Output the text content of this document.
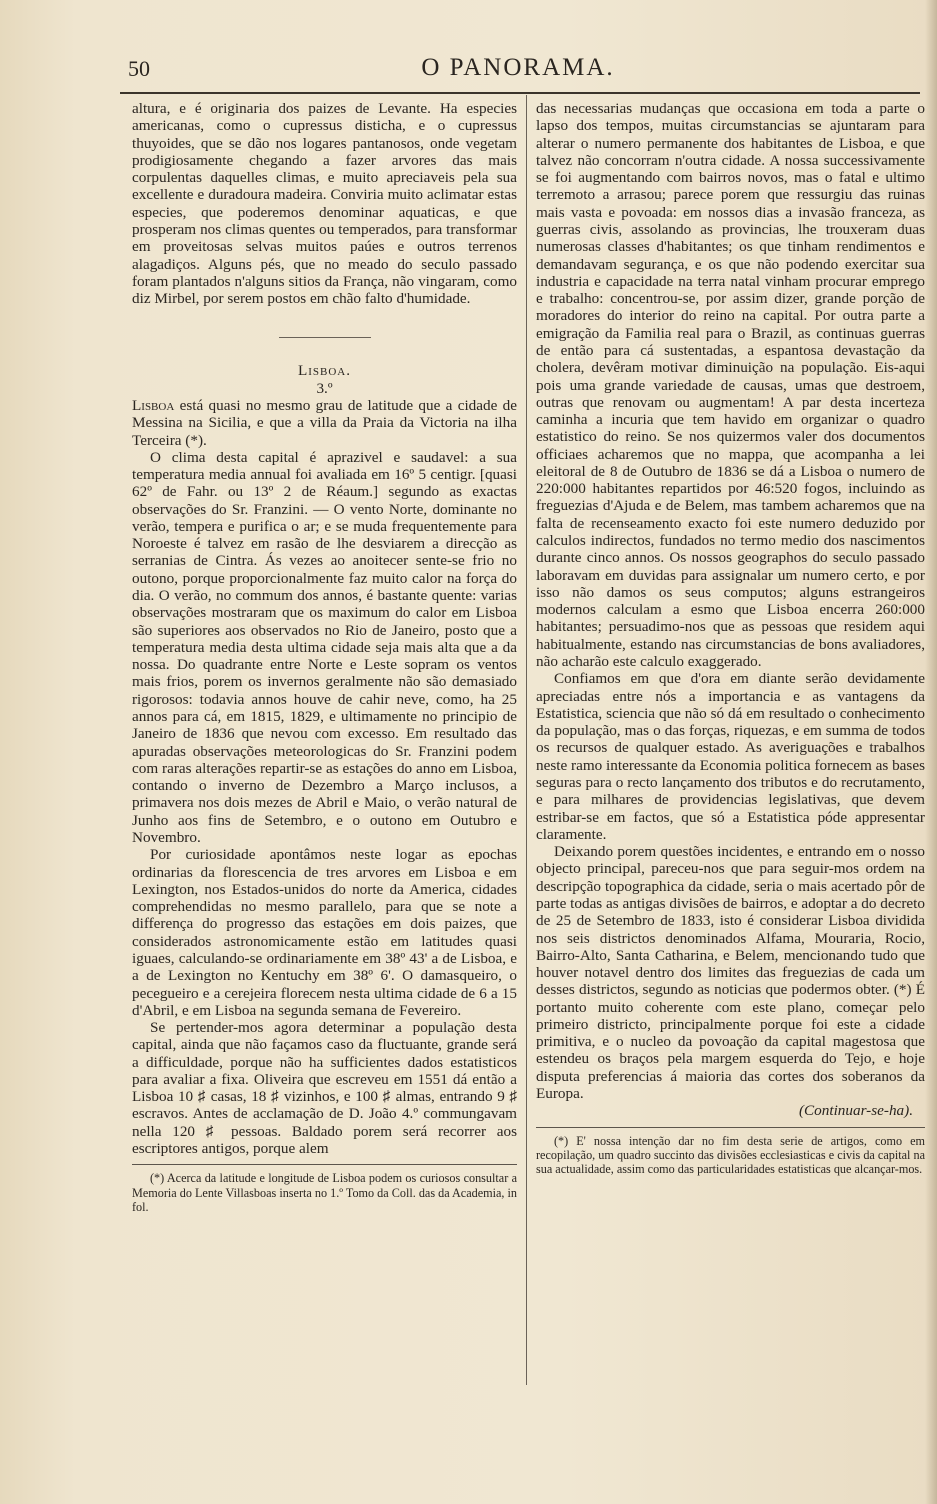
50	O PANORAMA.

altura, e é originaria dos paizes de Levante. Ha especies americanas, como o cupressus disticha, e o cupressus thuyoides, que se dão nos logares pantanosos, onde vegetam prodigiosamente chegando a fazer arvores das mais corpulentas daquelles climas, e muito apreciaveis pela sua excellente e duradoura madeira. Conviria muito aclimatar estas especies, que poderemos denominar aquaticas, e que prosperam nos climas quentes ou temperados, para transformar em proveitosas selvas muitos paúes e outros terrenos alagadiços. Alguns pés, que no meado do seculo passado foram plantados n'alguns sitios da França, não vingaram, como diz Mirbel, por serem postos em chão falto d'humidade.

Lisboa.

3.º

Lisboa está quasi no mesmo grau de latitude que a cidade de Messina na Sicilia, e que a villa da Praia da Victoria na ilha Terceira (*).

O clima desta capital é aprazivel e saudavel: a sua temperatura media annual foi avaliada em 16º 5 centigr. [quasi 62º de Fahr. ou 13º 2 de Réaum.] segundo as exactas observações do Sr. Franzini. — O vento Norte, dominante no verão, tempera e purifica o ar; e se muda frequentemente para Noroeste é talvez em rasão de lhe desviarem a direcção as serranias de Cintra. Ás vezes ao anoitecer sente-se frio no outono, porque proporcionalmente faz muito calor na força do dia. O verão, no commum dos annos, é bastante quente: varias observações mostraram que os maximum do calor em Lisboa são superiores aos observados no Rio de Janeiro, posto que a temperatura media desta ultima cidade seja mais alta que a da nossa. Do quadrante entre Norte e Leste sopram os ventos mais frios, porem os invernos geralmente não são demasiado rigorosos: todavia annos houve de cahir neve, como, ha 25 annos para cá, em 1815, 1829, e ultimamente no principio de Janeiro de 1836 que nevou com excesso. Em resultado das apuradas observações meteorologicas do Sr. Franzini podem com raras alterações repartir-se as estações do anno em Lisboa, contando o inverno de Dezembro a Março inclusos, a primavera nos dois mezes de Abril e Maio, o verão natural de Junho aos fins de Setembro, e o outono em Outubro e Novembro.

Por curiosidade apontâmos neste logar as epochas ordinarias da florescencia de tres arvores em Lisboa e em Lexington, nos Estados-unidos do norte da America, cidades comprehendidas no mesmo parallelo, para que se note a differença do progresso das estações em dois paizes, que considerados astronomicamente estão em latitudes quasi iguaes, calculando-se ordinariamente em 38º 43' a de Lisboa, e a de Lexington no Kentuchy em 38º 6'. O damasqueiro, o pecegueiro e a cerejeira florecem nesta ultima cidade de 6 a 15 d'Abril, e em Lisboa na segunda semana de Fevereiro.

Se pertender-mos agora determinar a população desta capital, ainda que não façamos caso da fluctuante, grande será a difficuldade, porque não ha sufficientes dados estatisticos para avaliar a fixa. Oliveira que escreveu em 1551 dá então a Lisboa 10 ♯ casas, 18 ♯ vizinhos, e 100 ♯ almas, entrando 9 ♯ escravos. Antes de acclamação de D. João 4.º commungavam nella 120 ♯ pessoas. Baldado porem será recorrer aos escriptores antigos, porque alem

(*) Acerca da latitude e longitude de Lisboa podem os curiosos consultar a Memoria do Lente Villasboas inserta no 1.º Tomo da Coll. das da Academia, in fol.

das necessarias mudanças que occasiona em toda a parte o lapso dos tempos, muitas circumstancias se ajuntaram para alterar o numero permanente dos habitantes de Lisboa, e que talvez não concorram n'outra cidade. A nossa successivamente se foi augmentando com bairros novos, mas o fatal e ultimo terremoto a arrasou; parece porem que ressurgiu das ruinas mais vasta e povoada: em nossos dias a invasão franceza, as guerras civis, assolando as provincias, lhe trouxeram duas numerosas classes d'habitantes; os que tinham rendimentos e demandavam segurança, e os que não podendo exercitar sua industria e capacidade na terra natal vinham procurar emprego e trabalho: concentrou-se, por assim dizer, grande porção de moradores do interior do reino na capital. Por outra parte a emigração da Familia real para o Brazil, as continuas guerras de então para cá sustentadas, a espantosa devastação da cholera, devêram motivar diminuição na população. Eis-aqui pois uma grande variedade de causas, umas que destroem, outras que renovam ou augmentam! A par desta incerteza caminha a incuria que tem havido em organizar o quadro estatistico do reino. Se nos quizermos valer dos documentos officiaes acharemos que no mappa, que acompanha a lei eleitoral de 8 de Outubro de 1836 se dá a Lisboa o numero de 220:000 habitantes repartidos por 46:520 fogos, incluindo as freguezias d'Ajuda e de Belem, mas tambem acharemos que na falta de recenseamento exacto foi este numero deduzido por calculos indirectos, fundados no termo medio dos nascimentos durante cinco annos. Os nossos geographos do seculo passado laboravam em duvidas para assignalar um numero certo, e por isso não damos os seus computos; alguns estrangeiros modernos calculam a esmo que Lisboa encerra 260:000 habitantes; persuadimo-nos que as pessoas que residem aqui habitualmente, estando nas circumstancias de bons avaliadores, não acharão este calculo exaggerado.

Confiamos em que d'ora em diante serão devidamente apreciadas entre nós a importancia e as vantagens da Estatistica, sciencia que não só dá em resultado o conhecimento da população, mas o das forças, riquezas, e em summa de todos os recursos de qualquer estado. As averiguações e trabalhos neste ramo interessante da Economia politica fornecem as bases seguras para o recto lançamento dos tributos e do recrutamento, e para milhares de providencias legislativas, que devem estribar-se em factos, que só a Estatistica póde appresentar claramente.

Deixando porem questões incidentes, e entrando em o nosso objecto principal, pareceu-nos que para seguir-mos ordem na descripção topographica da cidade, seria o mais acertado pôr de parte todas as antigas divisões de bairros, e adoptar a do decreto de 25 de Setembro de 1833, isto é considerar Lisboa dividida nos seis districtos denominados Alfama, Mouraria, Rocio, Bairro-Alto, Santa Catharina, e Belem, mencionando tudo que houver notavel dentro dos limites das freguezias de cada um desses districtos, segundo as noticias que podermos obter. (*) É portanto muito coherente com este plano, começar pelo primeiro districto, principalmente porque foi este a cidade primitiva, e o nucleo da povoação da capital magestosa que estendeu os braços pela margem esquerda do Tejo, e hoje disputa preferencias á maioria das cortes dos soberanos da Europa.

(Continuar-se-ha).

(*) E' nossa intenção dar no fim desta serie de artigos, como em recopilação, um quadro succinto das divisões ecclesiasticas e civis da capital na sua actualidade, assim como das particularidades estatisticas que alcançar-mos.
